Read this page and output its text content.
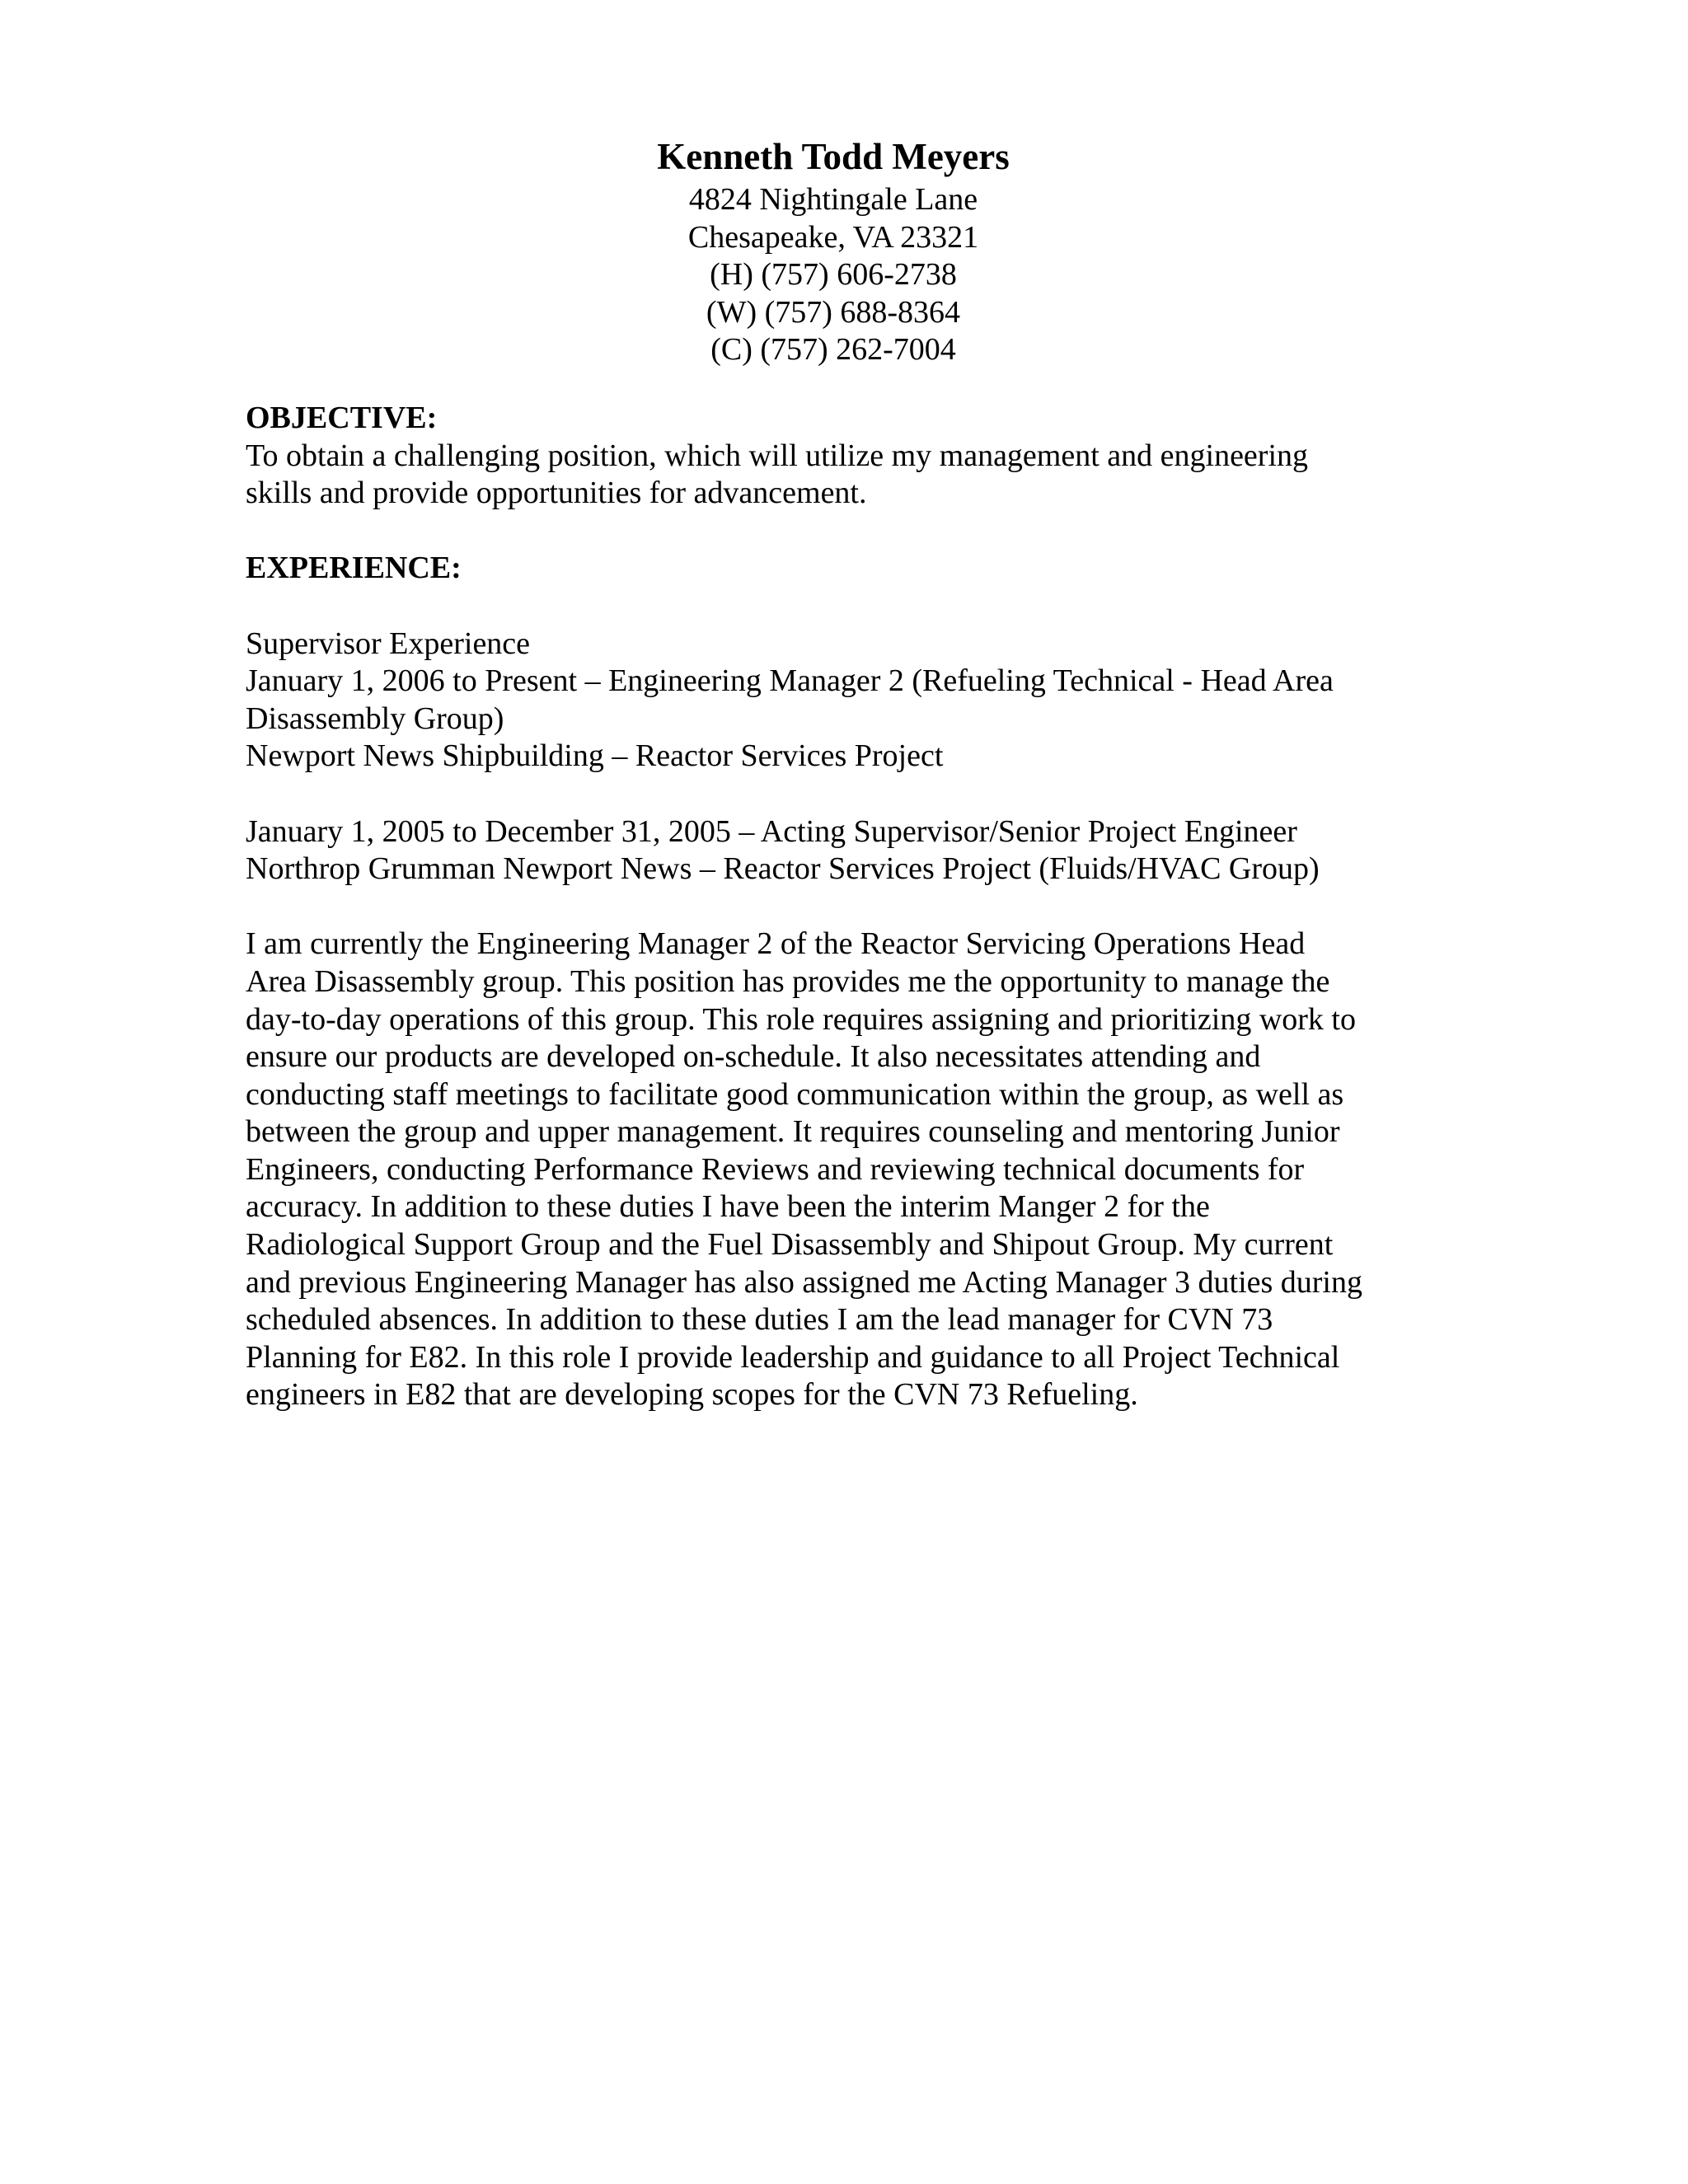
Kenneth Todd Meyers

4824 Nightingale Lane

Chesapeake, VA 23321

(H) (757) 606-2738

(W) (757) 688-8364

(C) (757) 262-7004

OBJECTIVE:

To obtain a challenging position, which will utilize my management and engineering
skills and provide opportunities for advancement.

EXPERIENCE:

Supervisor Experience

January 1, 2006 to Present – Engineering Manager 2 (Refueling Technical - Head Area
Disassembly Group)
Newport News Shipbuilding – Reactor Services Project

January 1, 2005 to December 31, 2005 – Acting Supervisor/Senior Project Engineer
Northrop Grumman Newport News – Reactor Services Project (Fluids/HVAC Group)

I am currently the Engineering Manager 2 of the Reactor Servicing Operations Head
Area Disassembly group. This position has provides me the opportunity to manage the
day-to-day operations of this group. This role requires assigning and prioritizing work to
ensure our products are developed on-schedule. It also necessitates attending and
conducting staff meetings to facilitate good communication within the group, as well as
between the group and upper management. It requires counseling and mentoring Junior
Engineers, conducting Performance Reviews and reviewing technical documents for
accuracy. In addition to these duties I have been the interim Manger 2 for the
Radiological Support Group and the Fuel Disassembly and Shipout Group. My current
and previous Engineering Manager has also assigned me Acting Manager 3 duties during
scheduled absences. In addition to these duties I am the lead manager for CVN 73
Planning for E82. In this role I provide leadership and guidance to all Project Technical
engineers in E82 that are developing scopes for the CVN 73 Refueling.
